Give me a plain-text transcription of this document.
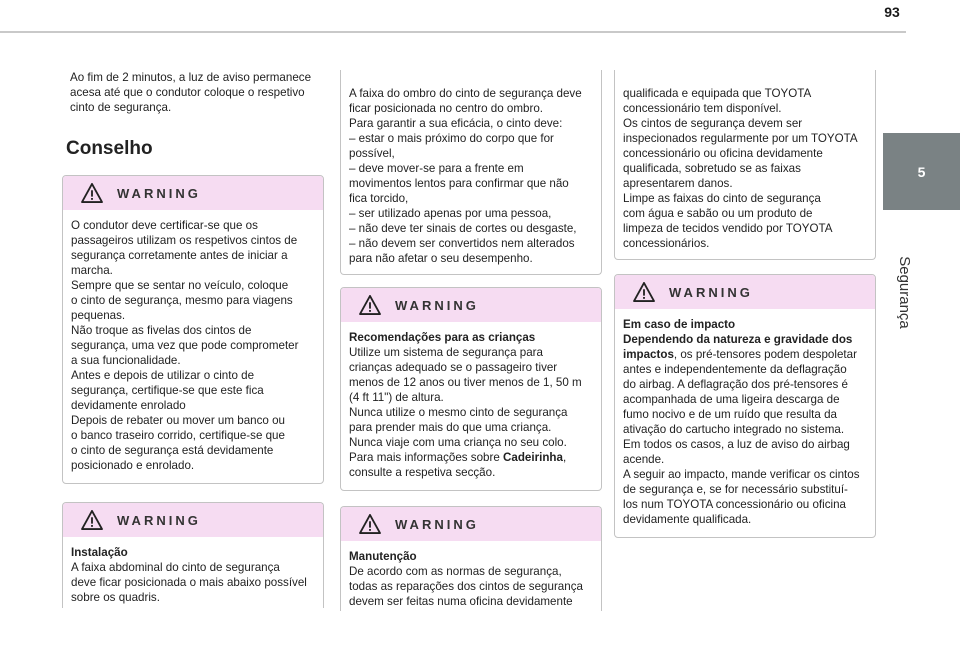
93
5
Segurança

Ao fim de 2 minutos, a luz de aviso permanece
acesa até que o condutor coloque o respetivo
cinto de segurança.

Conselho
WARNING

O condutor deve certificar-se que os
passageiros utilizam os respetivos cintos de
segurança corretamente antes de iniciar a
marcha.
Sempre que se sentar no veículo, coloque
o cinto de segurança, mesmo para viagens
pequenas.
Não troque as fivelas dos cintos de
segurança, uma vez que pode comprometer
a sua funcionalidade.
Antes e depois de utilizar o cinto de
segurança, certifique-se que este fica
devidamente enrolado
Depois de rebater ou mover um banco ou
o banco traseiro corrido, certifique-se que
o cinto de segurança está devidamente
posicionado e enrolado.

WARNING

Instalação

A faixa abdominal do cinto de segurança
deve ficar posicionada o mais abaixo possível
sobre os quadris.

A faixa do ombro do cinto de segurança deve
ficar posicionada no centro do ombro.
Para garantir a sua eficácia, o cinto deve:
– estar o mais próximo do corpo que for
possível,
– deve mover-se para a frente em
movimentos lentos para confirmar que não
fica torcido,
– ser utilizado apenas por uma pessoa,
– não deve ter sinais de cortes ou desgaste,
– não devem ser convertidos nem alterados
para não afetar o seu desempenho.

WARNING

Recomendações para as crianças

Utilize um sistema de segurança para
crianças adequado se o passageiro tiver
menos de 12 anos ou tiver menos de 1, 50 m
(4 ft 11") de altura.
Nunca utilize o mesmo cinto de segurança
para prender mais do que uma criança.
Nunca viaje com uma criança no seu colo.
Para mais informações sobre Cadeirinha,
consulte a respetiva secção.

WARNING

Manutenção

De acordo com as normas de segurança,
todas as reparações dos cintos de segurança
devem ser feitas numa oficina devidamente

qualificada e equipada que TOYOTA
concessionário tem disponível.
Os cintos de segurança devem ser
inspecionados regularmente por um TOYOTA
concessionário ou oficina devidamente
qualificada, sobretudo se as faixas
apresentarem danos.
Limpe as faixas do cinto de segurança
com água e sabão ou um produto de
limpeza de tecidos vendido por TOYOTA
concessionários.

WARNING

Em caso de impacto

Dependendo da natureza e gravidade dos
impactos, os pré-tensores podem despoletar
antes e independentemente da deflagração
do airbag. A deflagração dos pré-tensores é
acompanhada de uma ligeira descarga de
fumo nocivo e de um ruído que resulta da
ativação do cartucho integrado no sistema.
Em todos os casos, a luz de aviso do airbag
acende.
A seguir ao impacto, mande verificar os cintos
de segurança e, se for necessário substituí-
los num TOYOTA concessionário ou oficina
devidamente qualificada.
